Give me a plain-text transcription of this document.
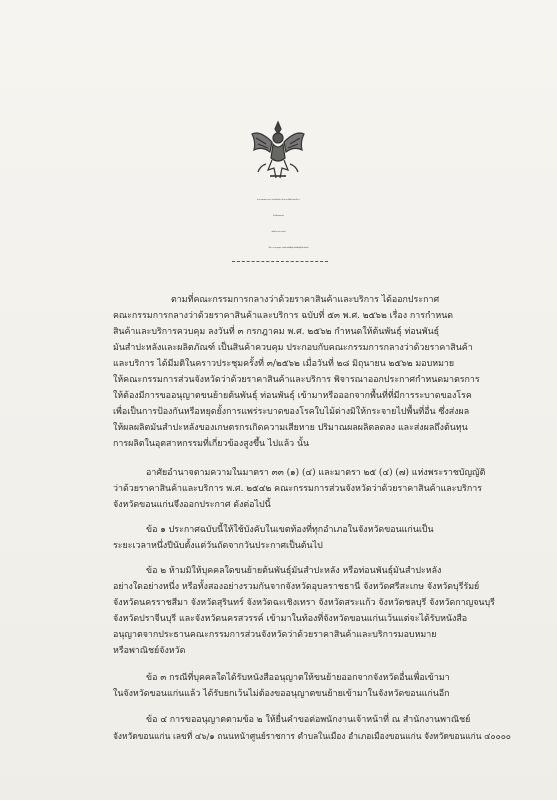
ประกาศคณะกรรมการส่วนจังหวัดว่าด้วยราคาสินค้าและบริการ
จังหวัดขอนแก่น
ฉบับที่ ๑ พ.ศ. ๒๕๖๒
เรื่อง การควบคุมการขนย้ายต้นพันธุ์ ท่อนพันธุ์มันสำปะหลัง
ตามที่คณะกรรมการกลางว่าด้วยราคาสินค้าและบริการ ได้ออกประกาศ
คณะกรรมการกลางว่าด้วยราคาสินค้าและบริการ ฉบับที่ ๕๓ พ.ศ. ๒๕๖๒ เรื่อง การกำหนด
สินค้าและบริการควบคุม ลงวันที่ ๓ กรกฎาคม พ.ศ. ๒๕๖๒ กำหนดให้ต้นพันธุ์ ท่อนพันธุ์
มันสำปะหลังและผลิตภัณฑ์ เป็นสินค้าควบคุม ประกอบกับคณะกรรมการกลางว่าด้วยราคาสินค้า
และบริการ ได้มีมติในคราวประชุมครั้งที่ ๓/๒๕๖๒ เมื่อวันที่ ๒๘ มิถุนายน ๒๕๖๒ มอบหมาย
ให้คณะกรรมการส่วนจังหวัดว่าด้วยราคาสินค้าและบริการ พิจารณาออกประกาศกำหนดมาตรการ
ให้ต้องมีการขออนุญาตขนย้ายต้นพันธุ์ ท่อนพันธุ์ เข้ามาหรือออกจากพื้นที่ที่มีการระบาดของโรค
เพื่อเป็นการป้องกันหรือหยุดยั้งการแพร่ระบาดของโรคใบไม้ด่างมิให้กระจายไปพื้นที่อื่น ซึ่งส่งผล
ให้ผลผลิตมันสำปะหลังของเกษตรกรเกิดความเสียหาย ปริมาณผลผลิตลดลง และส่งผลถึงต้นทุน
การผลิตในอุตสาหกรรมที่เกี่ยวข้องสูงขึ้น ไปแล้ว นั้น
อาศัยอำนาจตามความในมาตรา ๓๓ (๑) (๔) และมาตรา ๒๕ (๔) (๗) แห่งพระราชบัญญัติ
ว่าด้วยราคาสินค้าและบริการ พ.ศ. ๒๕๔๒ คณะกรรมการส่วนจังหวัดว่าด้วยราคาสินค้าและบริการ
จังหวัดขอนแก่นจึงออกประกาศ ดังต่อไปนี้
ข้อ ๑ ประกาศฉบับนี้ให้ใช้บังคับในเขตท้องที่ทุกอำเภอในจังหวัดขอนแก่นเป็น
ระยะเวลาหนึ่งปีนับตั้งแต่วันถัดจากวันประกาศเป็นต้นไป
ข้อ ๒ ห้ามมิให้บุคคลใดขนย้ายต้นพันธุ์มันสำปะหลัง หรือท่อนพันธุ์มันสำปะหลัง
อย่างใดอย่างหนึ่ง หรือทั้งสองอย่างรวมกันจากจังหวัดอุบลราชธานี จังหวัดศรีสะเกษ จังหวัดบุรีรัมย์
จังหวัดนครราชสีมา จังหวัดสุรินทร์ จังหวัดฉะเชิงเทรา จังหวัดสระแก้ว จังหวัดชลบุรี จังหวัดกาญจนบุรี
จังหวัดปราจีนบุรี และจังหวัดนครสวรรค์ เข้ามาในท้องที่จังหวัดขอนแก่นเว้นแต่จะได้รับหนังสือ
อนุญาตจากประธานคณะกรรมการส่วนจังหวัดว่าด้วยราคาสินค้าและบริการมอบหมาย
หรือพาณิชย์จังหวัด
ข้อ ๓ กรณีที่บุคคลใดได้รับหนังสืออนุญาตให้ขนย้ายออกจากจังหวัดอื่นเพื่อเข้ามา
ในจังหวัดขอนแก่นแล้ว ได้รับยกเว้นไม่ต้องขออนุญาตขนย้ายเข้ามาในจังหวัดขอนแก่นอีก
ข้อ ๔ การขออนุญาตตามข้อ ๒ ให้ยื่นคำขอต่อพนักงานเจ้าหน้าที่ ณ สำนักงานพาณิชย์
จังหวัดขอนแก่น เลขที่ ๔๖/๑ ถนนหน้าศูนย์ราชการ ตำบลในเมือง อำเภอเมืองขอนแก่น จังหวัดขอนแก่น ๔๐๐๐๐
